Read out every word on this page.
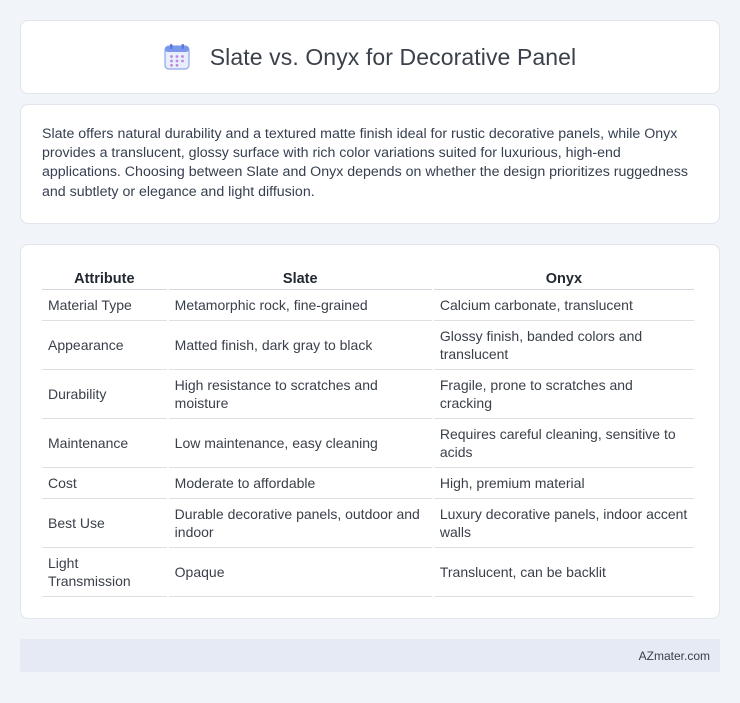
Slate vs. Onyx for Decorative Panel

Slate offers natural durability and a textured matte finish ideal for rustic decorative panels, while Onyx provides a translucent, glossy surface with rich color variations suited for luxurious, high-end applications. Choosing between Slate and Onyx depends on whether the design prioritizes ruggedness and subtlety or elegance and light diffusion.

Attribute	Slate	Onyx
Material Type	Metamorphic rock, fine-grained	Calcium carbonate, translucent
Appearance	Matted finish, dark gray to black	Glossy finish, banded colors and translucent
Durability	High resistance to scratches and moisture	Fragile, prone to scratches and cracking
Maintenance	Low maintenance, easy cleaning	Requires careful cleaning, sensitive to acids
Cost	Moderate to affordable	High, premium material
Best Use	Durable decorative panels, outdoor and indoor	Luxury decorative panels, indoor accent walls
Light Transmission	Opaque	Translucent, can be backlit
AZmater.com
